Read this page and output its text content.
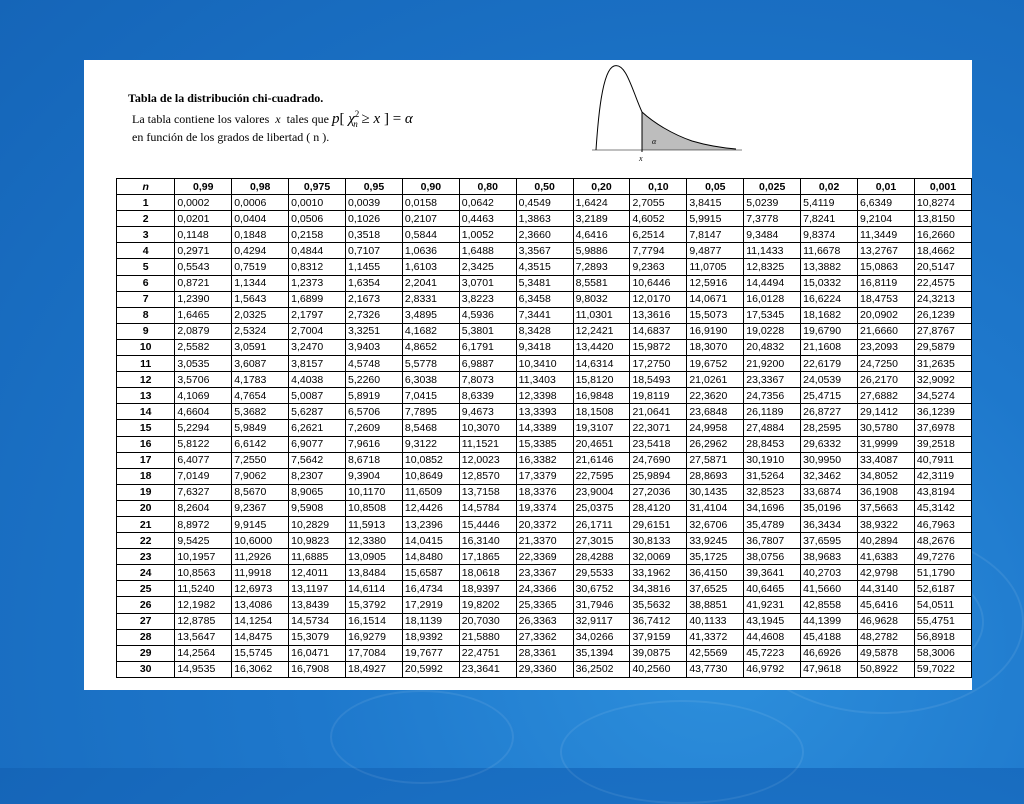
Tabla de la distribución chi-cuadrado.
La tabla contiene los valores
x
tales que p[ $\chi^2_n \ge x$ ] = α
en función de los grados de libertad ( n ).	α
x
n	0,99	0,98	0,975	0,95	0,90	0,80	0,50	0,20	0,10	0,05	0,025	0,02	0,01	0,001
1	0,0002	0,0006	0,0010	0,0039	0,0158	0,0642	0,4549	1,6424	2,7055	3,8415	5,0239	5,4119	6,6349	10,8274
2	0,0201	0,0404	0,0506	0,1026	0,2107	0,4463	1,3863	3,2189	4,6052	5,9915	7,3778	7,8241	9,2104	13,8150
3	0,1148	0,1848	0,2158	0,3518	0,5844	1,0052	2,3660	4,6416	6,2514	7,8147	9,3484	9,8374	11,3449	16,2660
4	0,2971	0,4294	0,4844	0,7107	1,0636	1,6488	3,3567	5,9886	7,7794	9,4877	11,1433	11,6678	13,2767	18,4662
5	0,5543	0,7519	0,8312	1,1455	1,6103	2,3425	4,3515	7,2893	9,2363	11,0705	12,8325	13,3882	15,0863	20,5147
6	0,8721	1,1344	1,2373	1,6354	2,2041	3,0701	5,3481	8,5581	10,6446	12,5916	14,4494	15,0332	16,8119	22,4575
7	1,2390	1,5643	1,6899	2,1673	2,8331	3,8223	6,3458	9,8032	12,0170	14,0671	16,0128	16,6224	18,4753	24,3213
8	1,6465	2,0325	2,1797	2,7326	3,4895	4,5936	7,3441	11,0301	13,3616	15,5073	17,5345	18,1682	20,0902	26,1239
9	2,0879	2,5324	2,7004	3,3251	4,1682	5,3801	8,3428	12,2421	14,6837	16,9190	19,0228	19,6790	21,6660	27,8767
10	2,5582	3,0591	3,2470	3,9403	4,8652	6,1791	9,3418	13,4420	15,9872	18,3070	20,4832	21,1608	23,2093	29,5879
11	3,0535	3,6087	3,8157	4,5748	5,5778	6,9887	10,3410	14,6314	17,2750	19,6752	21,9200	22,6179	24,7250	31,2635
12	3,5706	4,1783	4,4038	5,2260	6,3038	7,8073	11,3403	15,8120	18,5493	21,0261	23,3367	24,0539	26,2170	32,9092
13	4,1069	4,7654	5,0087	5,8919	7,0415	8,6339	12,3398	16,9848	19,8119	22,3620	24,7356	25,4715	27,6882	34,5274
14	4,6604	5,3682	5,6287	6,5706	7,7895	9,4673	13,3393	18,1508	21,0641	23,6848	26,1189	26,8727	29,1412	36,1239
15	5,2294	5,9849	6,2621	7,2609	8,5468	10,3070	14,3389	19,3107	22,3071	24,9958	27,4884	28,2595	30,5780	37,6978
16	5,8122	6,6142	6,9077	7,9616	9,3122	11,1521	15,3385	20,4651	23,5418	26,2962	28,8453	29,6332	31,9999	39,2518
17	6,4077	7,2550	7,5642	8,6718	10,0852	12,0023	16,3382	21,6146	24,7690	27,5871	30,1910	30,9950	33,4087	40,7911
18	7,0149	7,9062	8,2307	9,3904	10,8649	12,8570	17,3379	22,7595	25,9894	28,8693	31,5264	32,3462	34,8052	42,3119
19	7,6327	8,5670	8,9065	10,1170	11,6509	13,7158	18,3376	23,9004	27,2036	30,1435	32,8523	33,6874	36,1908	43,8194
20	8,2604	9,2367	9,5908	10,8508	12,4426	14,5784	19,3374	25,0375	28,4120	31,4104	34,1696	35,0196	37,5663	45,3142
21	8,8972	9,9145	10,2829	11,5913	13,2396	15,4446	20,3372	26,1711	29,6151	32,6706	35,4789	36,3434	38,9322	46,7963
22	9,5425	10,6000	10,9823	12,3380	14,0415	16,3140	21,3370	27,3015	30,8133	33,9245	36,7807	37,6595	40,2894	48,2676
23	10,1957	11,2926	11,6885	13,0905	14,8480	17,1865	22,3369	28,4288	32,0069	35,1725	38,0756	38,9683	41,6383	49,7276
24	10,8563	11,9918	12,4011	13,8484	15,6587	18,0618	23,3367	29,5533	33,1962	36,4150	39,3641	40,2703	42,9798	51,1790
25	11,5240	12,6973	13,1197	14,6114	16,4734	18,9397	24,3366	30,6752	34,3816	37,6525	40,6465	41,5660	44,3140	52,6187
26	12,1982	13,4086	13,8439	15,3792	17,2919	19,8202	25,3365	31,7946	35,5632	38,8851	41,9231	42,8558	45,6416	54,0511
27	12,8785	14,1254	14,5734	16,1514	18,1139	20,7030	26,3363	32,9117	36,7412	40,1133	43,1945	44,1399	46,9628	55,4751
28	13,5647	14,8475	15,3079	16,9279	18,9392	21,5880	27,3362	34,0266	37,9159	41,3372	44,4608	45,4188	48,2782	56,8918
29	14,2564	15,5745	16,0471	17,7084	19,7677	22,4751	28,3361	35,1394	39,0875	42,5569	45,7223	46,6926	49,5878	58,3006
30	14,9535	16,3062	16,7908	18,4927	20,5992	23,3641	29,3360	36,2502	40,2560	43,7730	46,9792	47,9618	50,8922	59,7022
